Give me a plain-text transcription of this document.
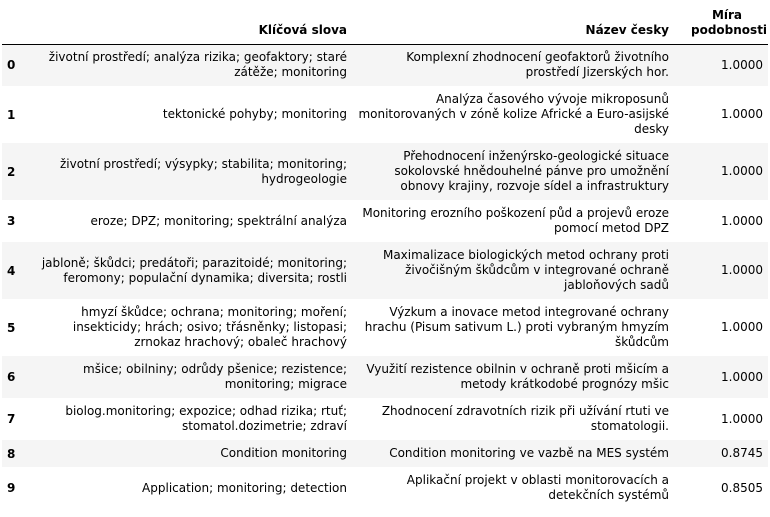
	Klíčová slova	Název česky	Míra podobnosti

0	životní prostředí; analýza rizika; geofaktory; staré zátěže; monitoring	Komplexní zhodnocení geofaktorů životního prostředí Jizerských hor.	1.0000
1	tektonické pohyby; monitoring	Analýza časového vývoje mikroposunů monitorovaných v zóně kolize Africké a Euro-asijské desky	1.0000
2	životní prostředí; výsypky; stabilita; monitoring; hydrogeologie	Přehodnocení inženýrsko-geologické situace sokolovské hnědouhelné pánve pro umožnění obnovy krajiny, rozvoje sídel a infrastruktury	1.0000
3	eroze; DPZ; monitoring; spektrální analýza	Monitoring erozního poškození půd a projevů eroze pomocí metod DPZ	1.0000
4	jabloně; škůdci; predátoři; parazitoidé; monitoring; feromony; populační dynamika; diversita; rostli	Maximalizace biologických metod ochrany proti živočišným škůdcům v integrované ochraně jabloňových sadů	1.0000
5	hmyzí škůdce; ochrana; monitoring; moření; insekticidy; hrách; osivo; třásněnky; listopasi; zrnokaz hrachový; obaleč hrachový	Výzkum a inovace metod integrované ochrany hrachu (Pisum sativum L.) proti vybraným hmyzím škůdcům	1.0000
6	mšice; obilniny; odrůdy pšenice; rezistence; monitoring; migrace	Využití rezistence obilnin v ochraně proti mšicím a metody krátkodobé prognózy mšic	1.0000
7	biolog.monitoring; expozice; odhad rizika; rtuť; stomatol.dozimetrie; zdraví	Zhodnocení zdravotních rizik při užívání rtuti ve stomatologii.	1.0000
8	Condition monitoring	Condition monitoring ve vazbě na MES systém	0.8745
9	Application; monitoring; detection	Aplikační projekt v oblasti monitorovacích a detekčních systémů	0.8505
